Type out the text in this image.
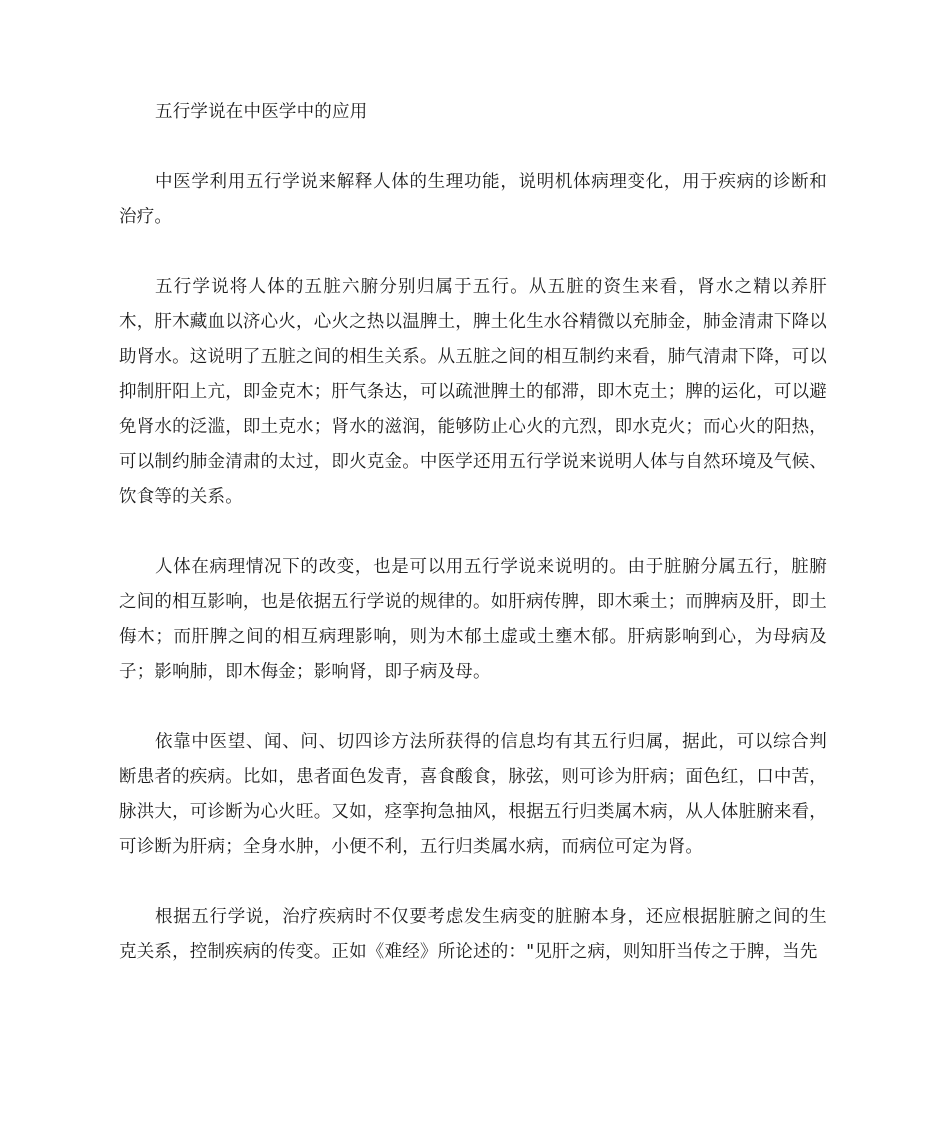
五行学说在中医学中的应用

中医学利用五行学说来解释人体的生理功能，说明机体病理变化，用于疾病的诊断和治疗。

五行学说将人体的五脏六腑分别归属于五行。从五脏的资生来看，肾水之精以养肝木，肝木藏血以济心火，心火之热以温脾土，脾土化生水谷精微以充肺金，肺金清肃下降以助肾水。这说明了五脏之间的相生关系。从五脏之间的相互制约来看，肺气清肃下降，可以抑制肝阳上亢，即金克木；肝气条达，可以疏泄脾土的郁滞，即木克土；脾的运化，可以避免肾水的泛滥，即土克水；肾水的滋润，能够防止心火的亢烈，即水克火；而心火的阳热，可以制约肺金清肃的太过，即火克金。中医学还用五行学说来说明人体与自然环境及气候、饮食等的关系。

人体在病理情况下的改变，也是可以用五行学说来说明的。由于脏腑分属五行，脏腑之间的相互影响，也是依据五行学说的规律的。如肝病传脾，即木乘土；而脾病及肝，即土侮木；而肝脾之间的相互病理影响，则为木郁土虚或土壅木郁。肝病影响到心，为母病及子；影响肺，即木侮金；影响肾，即子病及母。

依靠中医望、闻、问、切四诊方法所获得的信息均有其五行归属，据此，可以综合判断患者的疾病。比如，患者面色发青，喜食酸食，脉弦，则可诊为肝病；面色红，口中苦，脉洪大，可诊断为心火旺。又如，痉挛拘急抽风，根据五行归类属木病，从人体脏腑来看，可诊断为肝病；全身水肿，小便不利，五行归类属水病，而病位可定为肾。

根据五行学说，治疗疾病时不仅要考虑发生病变的脏腑本身，还应根据脏腑之间的生克关系，控制疾病的传变。正如《难经》所论述的："见肝之病，则知肝当传之于脾，当先
